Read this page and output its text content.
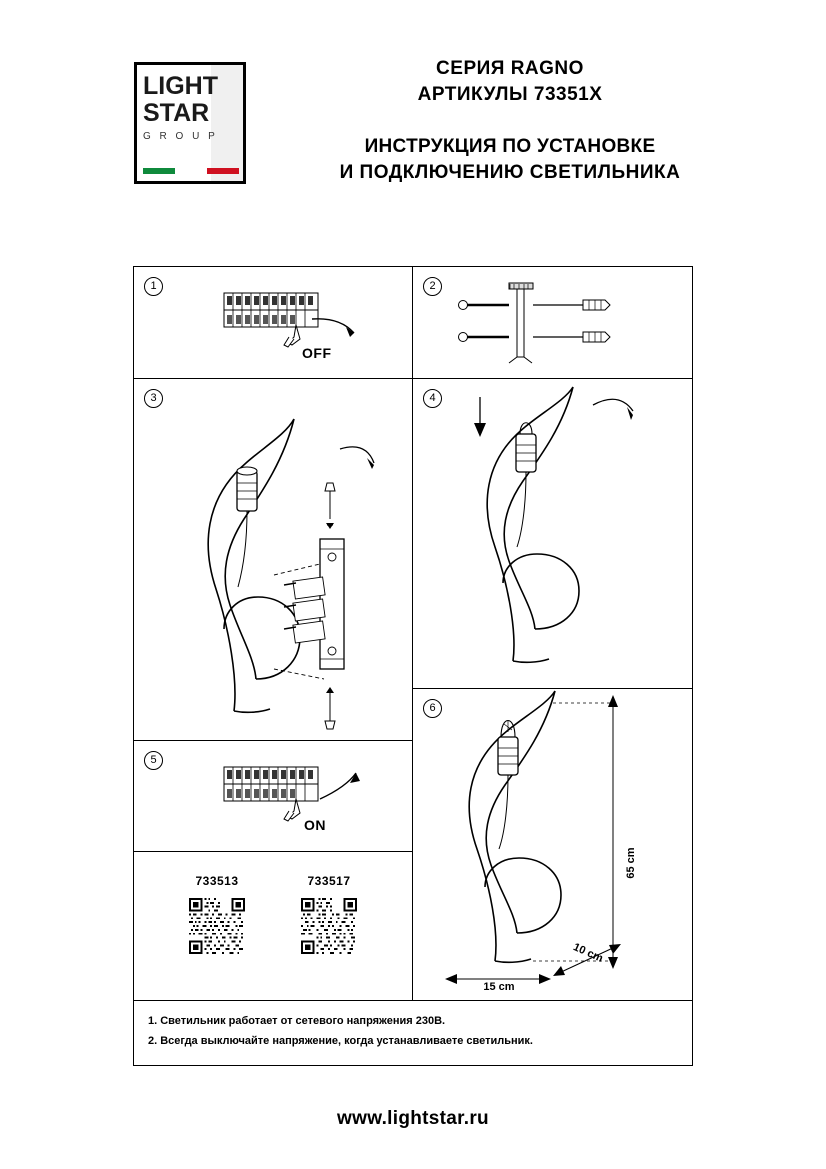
LIGHT
STAR
G R O U P
СЕРИЯ RAGNO
АРТИКУЛЫ 73351X
ИНСТРУКЦИЯ ПО УСТАНОВКЕ
И ПОДКЛЮЧЕНИЮ СВЕТИЛЬНИКА
1
OFF
2
3	4
5
ON
6
65 cm
15 cm
10 cm
733513	733517
1. Светильник работает от сетевого напряжения 230В.
2. Всегда выключайте напряжение, когда устанавливаете светильник.
www.lightstar.ru
